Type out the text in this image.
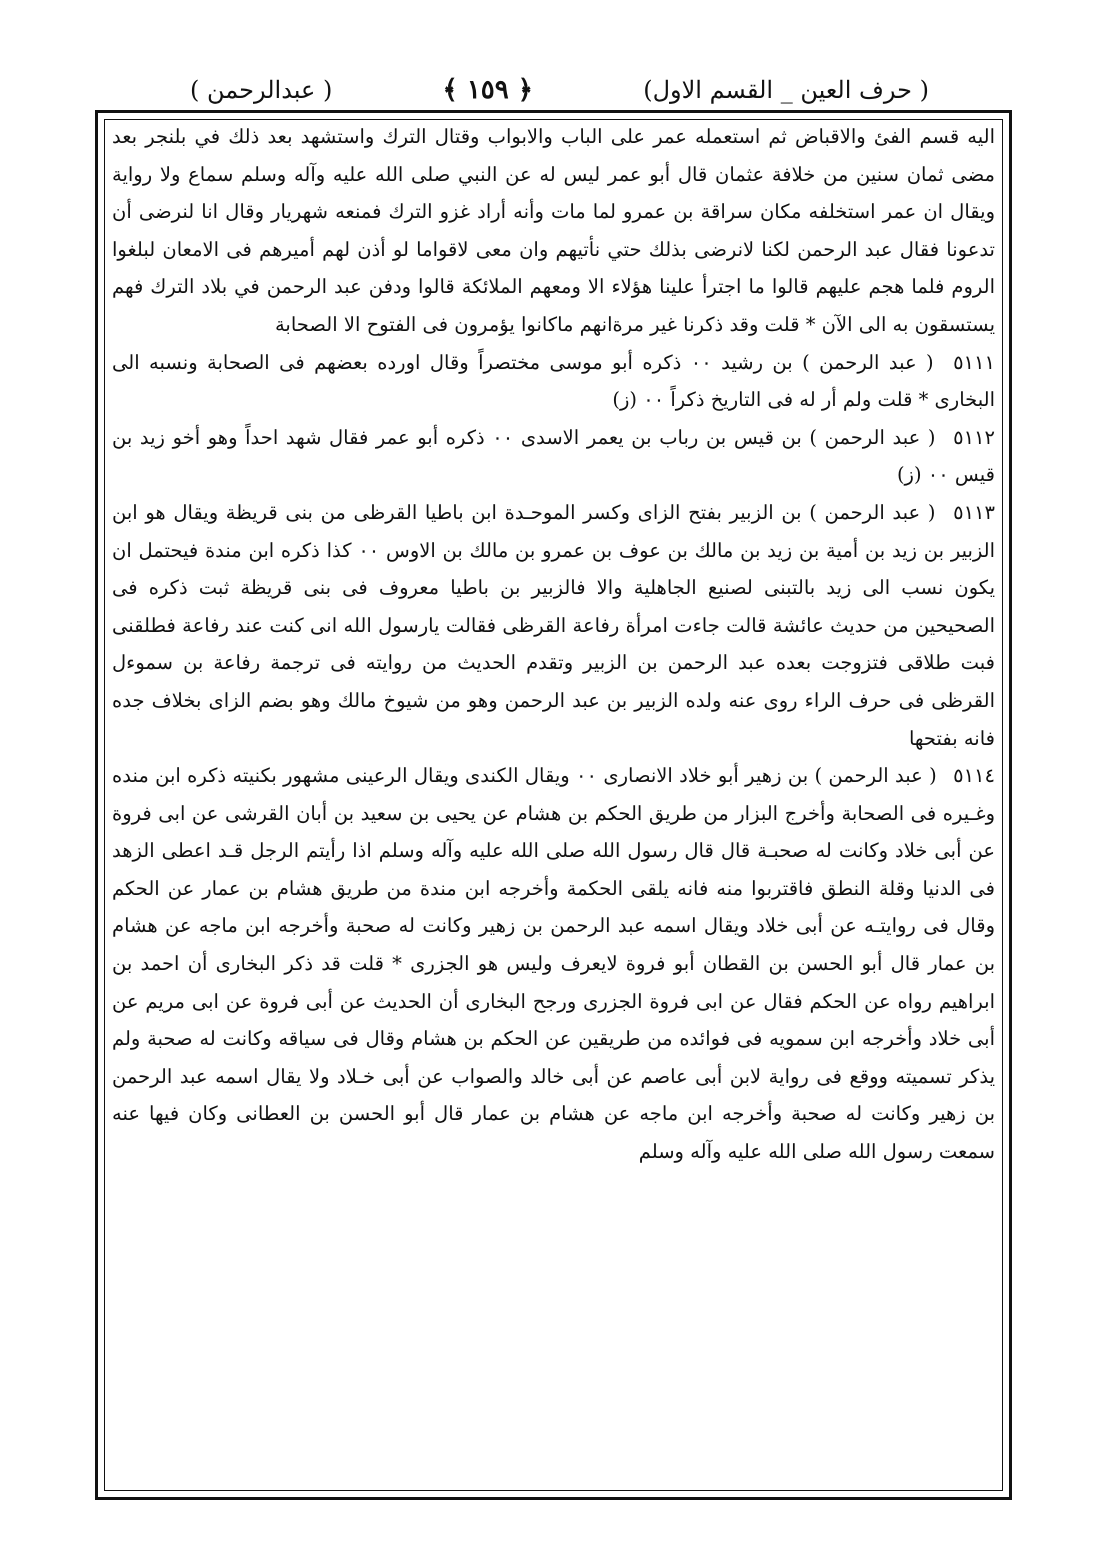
( حرف العين _ القسم الاول)
﴿ ١٥٩ ﴾
( عبدالرحمن )

اليه قسم الفئ والاقباض ثم استعمله عمر على الباب والابواب وقتال الترك واستشهد بعد ذلك في بلنجر بعد مضى ثمان سنين من خلافة عثمان قال أبو عمر ليس له عن النبي صلى الله عليه وآله وسلم سماع ولا رواية ويقال ان عمر استخلفه مكان سراقة بن عمرو لما مات وأنه أراد غزو الترك فمنعه شهريار وقال انا لنرضى أن تدعونا فقال عبد الرحمن لكنا لانرضى بذلك حتي نأتيهم وان معى لاقواما لو أذن لهم أميرهم فى الامعان لبلغوا الروم فلما هجم عليهم قالوا ما اجترأ علينا هؤلاء الا ومعهم الملائكة قالوا ودفن عبد الرحمن في بلاد الترك فهم يستسقون به الى الآن * قلت وقد ذكرنا غير مرةانهم ماكانوا يؤمرون فى الفتوح الا الصحابة

٥١١١ ( عبد الرحمن ) بن رشيد ٠٠ ذكره أبو موسى مختصراً وقال اورده بعضهم فى الصحابة ونسبه الى البخارى * قلت ولم أر له فى التاريخ ذكراً ٠٠ (ز)

٥١١٢ ( عبد الرحمن ) بن قيس بن رباب بن يعمر الاسدى ٠٠ ذكره أبو عمر فقال شهد احداً وهو أخو زيد بن قيس ٠٠ (ز)

٥١١٣ ( عبد الرحمن ) بن الزبير بفتح الزاى وكسر الموحـدة ابن باطيا القرظى من بنى قريظة ويقال هو ابن الزبير بن زيد بن أمية بن زيد بن مالك بن عوف بن عمرو بن مالك بن الاوس ٠٠ كذا ذكره ابن مندة فيحتمل ان يكون نسب الى زيد بالتبنى لصنيع الجاهلية والا فالزبير بن باطيا معروف فى بنى قريظة ثبت ذكره فى الصحيحين من حديث عائشة قالت جاءت امرأة رفاعة القرظى فقالت يارسول الله انى كنت عند رفاعة فطلقنى فبت طلاقى فتزوجت بعده عبد الرحمن بن الزبير وتقدم الحديث من روايته فى ترجمة رفاعة بن سموءل القرظى فى حرف الراء روى عنه ولده الزبير بن عبد الرحمن وهو من شيوخ مالك وهو بضم الزاى بخلاف جده فانه بفتحها

٥١١٤ ( عبد الرحمن ) بن زهير أبو خلاد الانصارى ٠٠ ويقال الكندى ويقال الرعينى مشهور بكنيته ذكره ابن منده وغـيره فى الصحابة وأخرج البزار من طريق الحكم بن هشام عن يحيى بن سعيد بن أبان القرشى عن ابى فروة عن أبى خلاد وكانت له صحبـة قال قال رسول الله صلى الله عليه وآله وسلم اذا رأيتم الرجل قـد اعطى الزهد فى الدنيا وقلة النطق فاقتربوا منه فانه يلقى الحكمة وأخرجه ابن مندة من طريق هشام بن عمار عن الحكم وقال فى روايتـه عن أبى خلاد ويقال اسمه عبد الرحمن بن زهير وكانت له صحبة وأخرجه ابن ماجه عن هشام بن عمار قال أبو الحسن بن القطان أبو فروة لايعرف وليس هو الجزرى * قلت قد ذكر البخارى أن احمد بن ابراهيم رواه عن الحكم فقال عن ابى فروة الجزرى ورجح البخارى أن الحديث عن أبى فروة عن ابى مريم عن أبى خلاد وأخرجه ابن سمويه فى فوائده من طريقين عن الحكم بن هشام وقال فى سياقه وكانت له صحبة ولم يذكر تسميته ووقع فى رواية لابن أبى عاصم عن أبى خالد والصواب عن أبى خـلاد ولا يقال اسمه عبد الرحمن بن زهير وكانت له صحبة وأخرجه ابن ماجه عن هشام بن عمار قال أبو الحسن بن العطانى وكان فيها عنه سمعت رسول الله صلى الله عليه وآله وسلم
